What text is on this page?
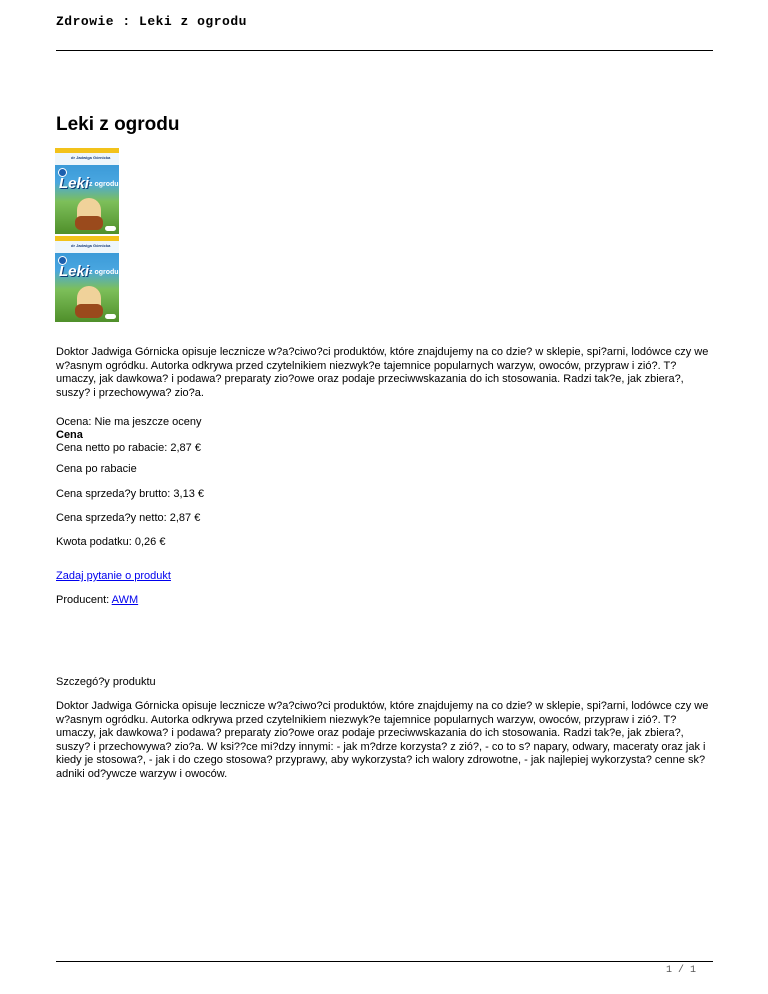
Zdrowie : Leki z ogrodu
Leki z ogrodu
dr Jadwiga Górnicka
Leki z ogrodu
dr Jadwiga Górnicka
Leki z ogrodu

Doktor Jadwiga Górnicka opisuje lecznicze w?a?ciwo?ci produktów, które znajdujemy na co dzie? w sklepie, spi?arni, lodówce czy we w?asnym ogródku. Autorka odkrywa przed czytelnikiem niezwyk?e tajemnice popularnych warzyw, owoców, przypraw i zió?. T?umaczy, jak dawkowa? i podawa? preparaty zio?owe oraz podaje przeciwwskazania do ich stosowania. Radzi tak?e, jak zbiera?, suszy? i przechowywa? zio?a.

Ocena: Nie ma jeszcze oceny
Cena
Cena netto po rabacie: 2,87 €
Cena po rabacie
Cena sprzeda?y brutto: 3,13 €
Cena sprzeda?y netto: 2,87 €
Kwota podatku: 0,26 €
Zadaj pytanie o produkt
Producent: AWM
Szczegó?y produktu

Doktor Jadwiga Górnicka opisuje lecznicze w?a?ciwo?ci produktów, które znajdujemy na co dzie? w sklepie, spi?arni, lodówce czy we w?asnym ogródku. Autorka odkrywa przed czytelnikiem niezwyk?e tajemnice popularnych warzyw, owoców, przypraw i zió?. T?umaczy, jak dawkowa? i podawa? preparaty zio?owe oraz podaje przeciwwskazania do ich stosowania. Radzi tak?e, jak zbiera?, suszy? i przechowywa? zio?a. W ksi??ce mi?dzy innymi: - jak m?drze korzysta? z zió?, - co to s? napary, odwary, maceraty oraz jak i kiedy je stosowa?, - jak i do czego stosowa? przyprawy, aby wykorzysta? ich walory zdrowotne, - jak najlepiej wykorzysta? cenne sk?adniki od?ywcze warzyw i owoców.

1 / 1
